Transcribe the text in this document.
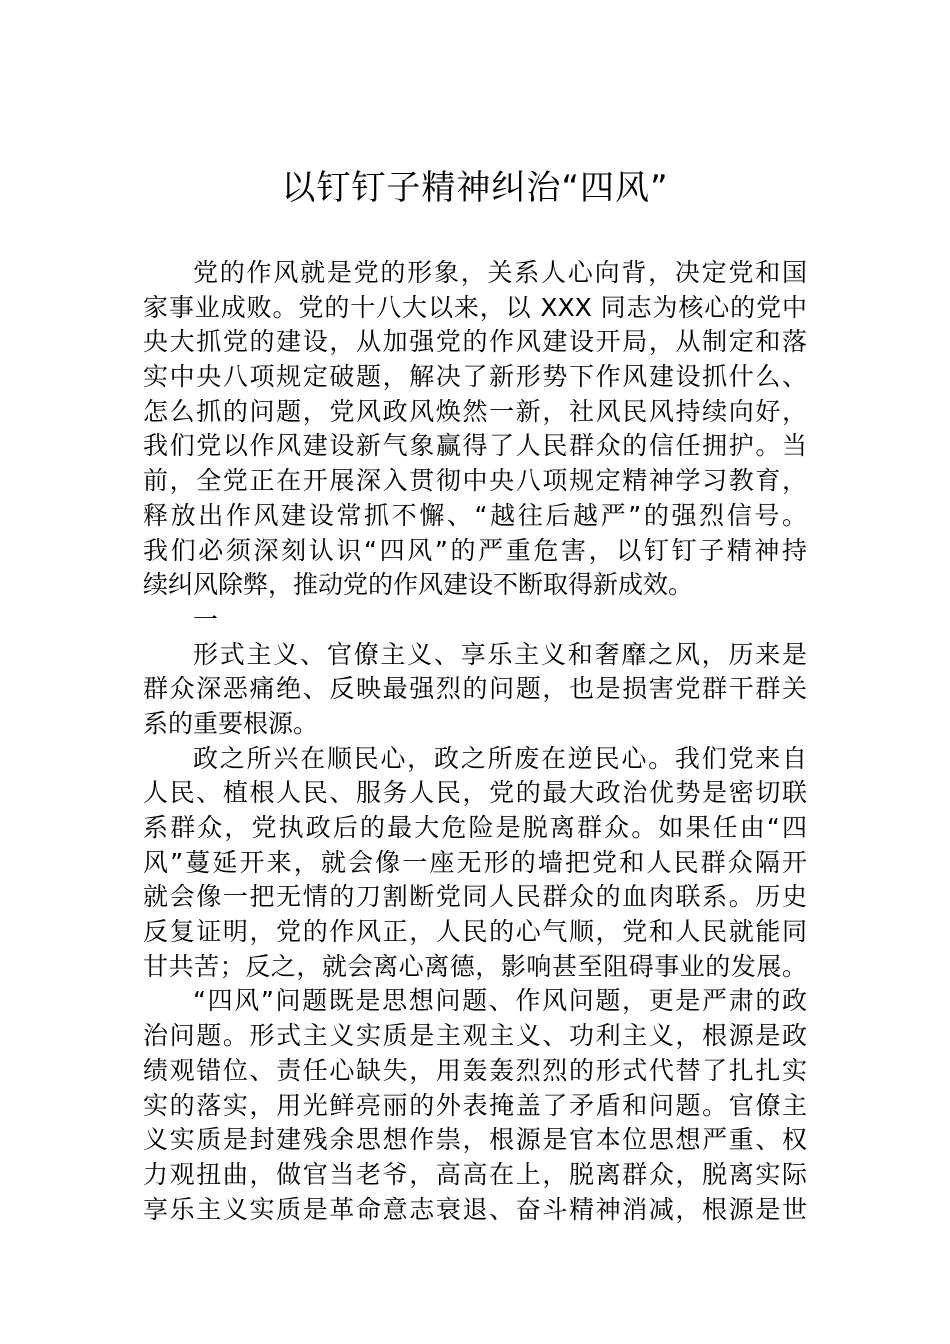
以钉钉子精神纠治“四风”
党的作风就是党的形象，关系人心向背，决定党和国
家事业成败。党的十八大以来，以 XXX 同志为核心的党中
央大抓党的建设，从加强党的作风建设开局，从制定和落
实中央八项规定破题，解决了新形势下作风建设抓什么、
怎么抓的问题，党风政风焕然一新，社风民风持续向好，
我们党以作风建设新气象赢得了人民群众的信任拥护。当
前，全党正在开展深入贯彻中央八项规定精神学习教育，
释放出作风建设常抓不懈、“越往后越严”的强烈信号。
我们必须深刻认识“四风”的严重危害，以钉钉子精神持
续纠风除弊，推动党的作风建设不断取得新成效。
一
形式主义、官僚主义、享乐主义和奢靡之风，历来是
群众深恶痛绝、反映最强烈的问题，也是损害党群干群关
系的重要根源。
政之所兴在顺民心，政之所废在逆民心。我们党来自
人民、植根人民、服务人民，党的最大政治优势是密切联
系群众，党执政后的最大危险是脱离群众。如果任由“四
风”蔓延开来，就会像一座无形的墙把党和人民群众隔开
就会像一把无情的刀割断党同人民群众的血肉联系。历史
反复证明，党的作风正，人民的心气顺，党和人民就能同
甘共苦；反之，就会离心离德，影响甚至阻碍事业的发展。
“四风”问题既是思想问题、作风问题，更是严肃的政
治问题。形式主义实质是主观主义、功利主义，根源是政
绩观错位、责任心缺失，用轰轰烈烈的形式代替了扎扎实
实的落实，用光鲜亮丽的外表掩盖了矛盾和问题。官僚主
义实质是封建残余思想作祟，根源是官本位思想严重、权
力观扭曲，做官当老爷，高高在上，脱离群众，脱离实际
享乐主义实质是革命意志衰退、奋斗精神消减，根源是世
